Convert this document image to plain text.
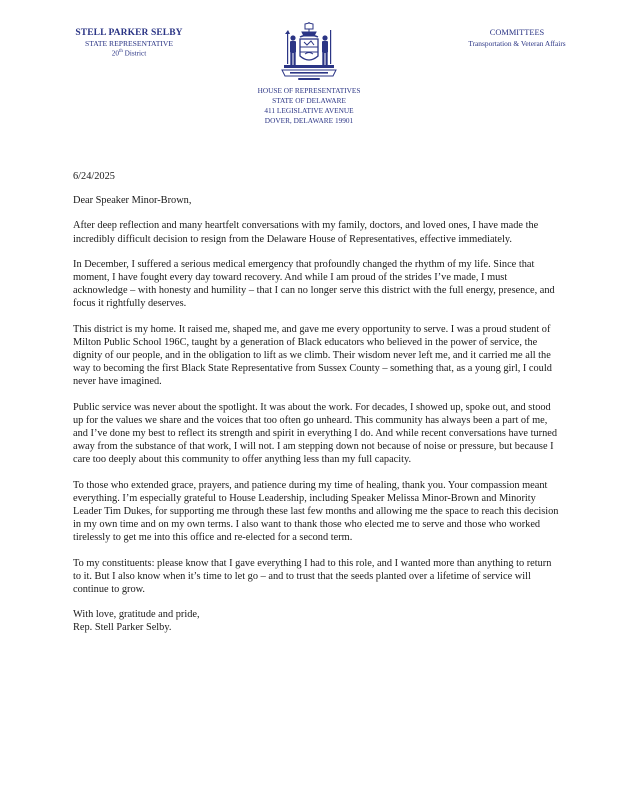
STELL PARKER SELBY
STATE REPRESENTATIVE
20th District
COMMITTEES
Transportation & Veteran Affairs
HOUSE OF REPRESENTATIVES
STATE OF DELAWARE
411 LEGISLATIVE AVENUE
DOVER, DELAWARE 19901

6/24/2025

Dear Speaker Minor-Brown,

After deep reflection and many heartfelt conversations with my family, doctors, and loved ones, I have made the incredibly difficult decision to resign from the Delaware House of Representatives, effective immediately.

In December, I suffered a serious medical emergency that profoundly changed the rhythm of my life. Since that moment, I have fought every day toward recovery. And while I am proud of the strides I’ve made, I must acknowledge – with honesty and humility – that I can no longer serve this district with the full energy, presence, and focus it rightfully deserves.

This district is my home. It raised me, shaped me, and gave me every opportunity to serve. I was a proud student of Milton Public School 196C, taught by a generation of Black educators who believed in the power of service, the dignity of our people, and in the obligation to lift as we climb. Their wisdom never left me, and it carried me all the way to becoming the first Black State Representative from Sussex County – something that, as a young girl, I could never have imagined.

Public service was never about the spotlight. It was about the work. For decades, I showed up, spoke out, and stood up for the values we share and the voices that too often go unheard. This community has always been a part of me, and I’ve done my best to reflect its strength and spirit in everything I do. And while recent conversations have turned away from the substance of that work, I will not. I am stepping down not because of noise or pressure, but because I care too deeply about this community to offer anything less than my full capacity.

To those who extended grace, prayers, and patience during my time of healing, thank you. Your compassion meant everything. I’m especially grateful to House Leadership, including Speaker Melissa Minor-Brown and Minority Leader Tim Dukes, for supporting me through these last few months and allowing me the space to reach this decision in my own time and on my own terms. I also want to thank those who elected me to serve and those who worked tirelessly to get me into this office and re-elected for a second term.

To my constituents: please know that I gave everything I had to this role, and I wanted more than anything to return to it. But I also know when it’s time to let go – and to trust that the seeds planted over a lifetime of service will continue to grow.

With love, gratitude and pride,

Rep. Stell Parker Selby.
